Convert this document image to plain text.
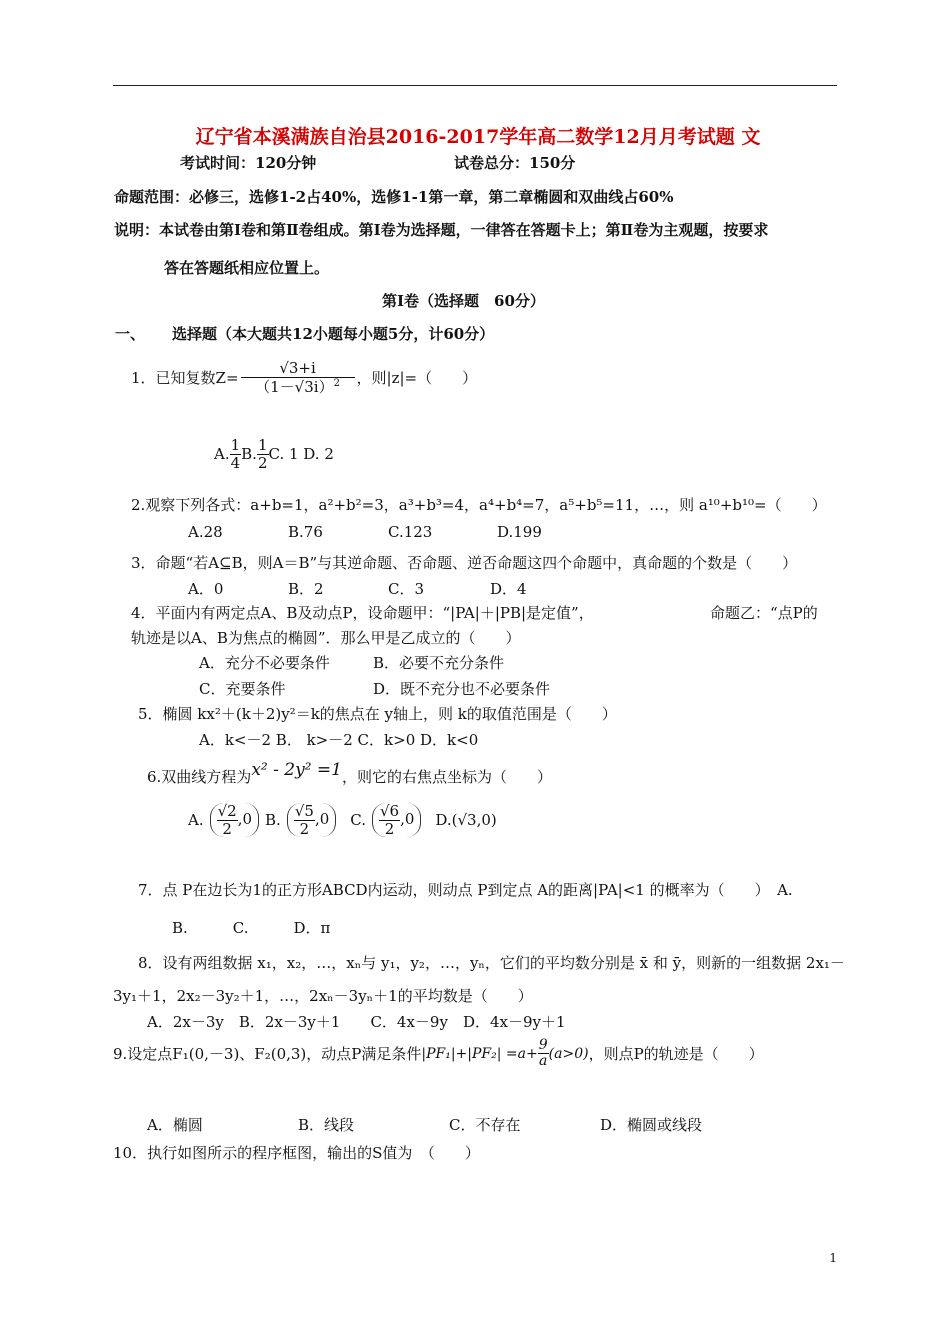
辽宁省本溪满族自治县2016-2017学年高二数学12月月考试题 文
考试时间：120分钟	试卷总分：150分
命题范围：必修三，选修1-2占40%，选修1-1第一章，第二章椭圆和双曲线占60%
说明：本试卷由第Ⅰ卷和第Ⅱ卷组成。第Ⅰ卷为选择题，一律答在答题卡上；第Ⅱ卷为主观题，按要求
答在答题纸相应位置上。
第Ⅰ卷（选择题　60分）
一、 选择题（本大题共12小题每小题5分，计60分）
1．已知复数$Z= \frac{√3+i}{(1-√3i)^2}$ ，则|z|=（　　）
A. $\frac{1}{4} B$. $\frac{1}{2} C$. 1 D. 2
2.观察下列各式：a+b=1，a²+b²=3，a³+b³=4，a⁴+b⁴=7，a⁵+b⁵=11，…，则 a¹⁰+b¹⁰=（　　）
A.28	B.76	C.123	D.199
3．命题“若A⊆B，则A＝B”与其逆命题、否命题、逆否命题这四个命题中，真命题的个数是（　　）
A．0	B．2	C．3	D．4
4．平面内有两定点A、B及动点P，设命题甲：“|PA|＋|PB|是定值”，	命题乙：“点P的
轨迹是以A、B为焦点的椭圆”．那么甲是乙成立的（　　）
A．充分不必要条件	B．必要不充分条件
C．充要条件	D．既不充分也不必要条件
5．椭圆 kx²＋(k＋2)y²＝k的焦点在 y轴上，则 k的取值范围是（　　）
A．k<－2 B． k>－2 C．k>0 D．k<0
6.双曲线方程为 x² - 2y² =1 ，则它的右焦点坐标为（　　）
A. $\frac{√2}{2} ,0$ B. $\frac{√5}{2} ,0$	C. $\frac{√6}{2} ,0$	D.(√3,0)
7．点 P在边长为1的正方形ABCD内运动，则动点 P到定点 A的距离|PA|<1 的概率为（　　）　A.
B.　　　C.　　　D．π
8．设有两组数据 x₁，x₂，…，xₙ与 y₁，y₂，…，yₙ，它们的平均数分别是 x̄ 和 ȳ，则新的一组数据 2x₁－
3y₁＋1，2x₂－3y₂＋1，…，2xₙ－3yₙ＋1的平均数是（　　）
A．2x－3y　B．2x－3y＋1　　C．4x－9y　D．4x－9y＋1
9.设定点F₁(0,－3)、F₂(0,3)，动点P满足条件 $|PF_1|+|PF_2| =a+ \frac{9}{a} (a>0)$ ，则点P的轨迹是（　　）
A．椭圆	B．线段	C．不存在	D．椭圆或线段
10．执行如图所示的程序框图，输出的S值为　（　　）
1
